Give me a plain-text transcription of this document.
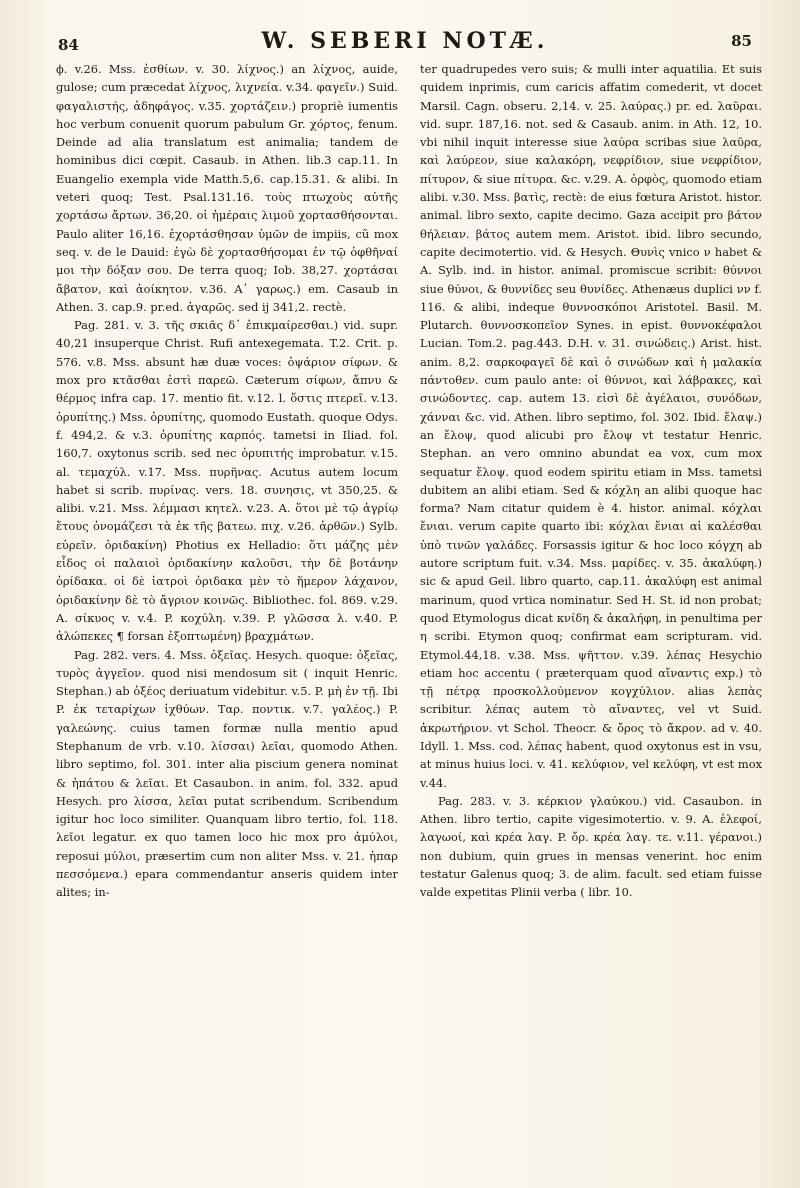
84	W. SEBERI NOTÆ.	85

ϕ. v.26. Mss. ἐσθίων. v. 30. λίχνος.) an λίχνος, auide, gulose; cum præcedat λίχνος, λιχνεία. v.34. φαγεῖν.) Suid. φαγαλιστής, ἀδηφάγος. v.35. χορτάζειν.) propriè iumentis hoc verbum conuenit quorum pabulum Gr. χόρτος, fenum. Deinde ad alia translatum est animalia; tandem de hominibus dici cœpit. Casaub. in Athen. lib.3 cap.11. In Euangelio exempla vide Matth.5,6. cap.15.31. & alibi. In veteri quoq; Test. Psal.131.16. τοὺς πτωχοὺς αὐτῆς χορτάσω ἄρτων. 36,20. οἱ ἡμέραις λιμοῦ χορτασθήσονται. Paulo aliter 16,16. ἐχορτάσθησαν ὑμῶν de impiis, cũ mox seq. v. de le Dauid: ἐγὼ δὲ χορτασθήσομαι ἐν τῷ ὀφθῆναί μοι τὴν δόξαν σου. De terra quoq; Iob. 38,27. χορτάσαι ἄβατον, καὶ ἀοίκητον. v.36. Α᾽ γαρως.) em. Casaub in Athen. 3. cap.9. pr.ed. ἀγαρῶς. sed ij 341,2. rectè.

Pag. 281. v. 3. τῆς σκιᾶς δ᾽ ἐπικμαίρεσθαι.) vid. supr. 40,21 insuperque Christ. Rufi antexegemata. T.2. Crit. p. 576. v.8. Mss. absunt hæ duæ voces: ὀψάριον σίφων. & mox pro κτᾶσθαι ἐστὶ παρεῶ. Cæterum σίφων, ἄπνυ & θέρμος infra cap. 17. mentio fit. v.12. l. ὅστις πτερεῖ. v.13. ὀρυπίτης.) Mss. ὀρυπίτης, quomodo Eustath. quoque Odys. f. 494,2. & v.3. ὀρυπίτης καρπός. tametsi in Iliad. fol. 160,7. oxytonus scrib. sed nec ὀρυπιτής improbatur. v.15. al. τεμαχύλ. v.17. Mss. πυρῆνας. Acutus autem locum habet si scrib. πυρίνας. vers. 18. συνησις, vt 350,25. & alibi. v.21. Mss. λέμμασι κητελ. v.23. A. ὅτοι μὲ τῷ ἀγρίῳ ἔτους ὀνομάζεσι τὰ ἐκ τῆς βατεω. πιχ. v.26. ἀρθῶν.) Sylb. εὐρεῖν. ὀριδακίνη) Photius ex Helladio: ὅτι μάζης μὲν εἶδος οἱ παλαιοὶ ὀριδακίνην καλοῦσι, τὴν δὲ βοτάνην ὀρίδακα. οἱ δὲ ἰατροὶ ὀριδακα μὲν τὸ ἥμερον λάχανον, ὀριδακίνην δὲ τὸ ἄγριον κοινῶς. Bibliothec. fol. 869. v.29. A. σίκυος v. v.4. P. κοχύλη. v.39. P. γλῶσσα λ. v.40. P. ἀλώπεκες ¶ forsan ἐξοπτωμένη) βραχμάτων.

Pag. 282. vers. 4. Mss. ὀξεῖας. Hesych. quoque: ὀξεῖας, τυρὸς ἀγγεῖον. quod nisi mendosum sit ( inquit Henric. Stephan.) ab ὀξέος deriuatum videbitur. v.5. P. μὴ ἐν τῇ. Ibi P. ἐκ τεταρίχων ἰχθύων. Ταρ. ποντικ. v.7. γαλέος.) P. γαλεώνης. cuius tamen formæ nulla mentio apud Stephanum de vrb. v.10. λίσσαι) λεῖαι, quomodo Athen. libro septimo, fol. 301. inter alia piscium genera nominat & ἡπάτου & λεῖαι. Et Casaubon. in anim. fol. 332. apud Hesych. pro λίσσα, λεῖαι putat scribendum. Scribendum igitur hoc loco similiter. Quanquam libro tertio, fol. 118. λεῖοι legatur. ex quo tamen loco hic mox pro ἀμύλοι, reposui μύλοι, præsertim cum non aliter Mss. v. 21. ἠπαρ πεσσόμενα.) epara commendantur anseris quidem inter alites; in-

ter quadrupedes vero suis; & mulli inter aquatilia. Et suis quidem inprimis, cum caricis affatim comederit, vt docet Marsil. Cagn. obseru. 2,14. v. 25. λαύρας.) pr. ed. λαῦραι. vid. supr. 187,16. not. sed & Casaub. anim. in Ath. 12, 10. vbi nihil inquit interesse siue λαύρα scribas siue λαῦρα, καὶ λαύρεον, siue καλακόρη, νεφρίδιον, siue νεφρίδιον, πίτυρον, & siue πίτυρα. &c. v.29. A. ὀρφὸς, quomodo etiam alibi. v.30. Mss. βατὶς, rectè: de eius fœtura Aristot. histor. animal. libro sexto, capite decimo. Gaza accipit pro βάτον θήλειαν. βάτος autem mem. Aristot. ibid. libro secundo, capite decimotertio. vid. & Hesych. Θυνὶς vnico ν habet & A. Sylb. ind. in histor. animal. promiscue scribit: θύννοι siue θύνοι, & θυννίδες seu θυνίδες. Athenæus duplici νν f. 116. & alibi, indeque θυννοσκόποι Aristotel. Basil. M. Plutarch. θυννοσκοπεῖον Synes. in epist. θυννοκέφαλοι Lucian. Tom.2. pag.443. D.H. v. 31. σινώδεις.) Arist. hist. anim. 8,2. σαρκοφαγεῖ δὲ καὶ ὁ σινώδων καὶ ἡ μαλακία πάντοθεν. cum paulo ante: οἱ θύννοι, καὶ λάβρακες, καὶ σινώδοντες. cap. autem 13. εἰσὶ δὲ ἀγέλαιοι, συνόδων, χάνναι &c. vid. Athen. libro septimo, fol. 302. Ibid. ἔλαψ.) an ἔλοψ, quod alicubi pro ἔλοψ vt testatur Henric. Stephan. an vero omnino abundat ea vox, cum mox sequatur ἔλοψ. quod eodem spiritu etiam in Mss. tametsi dubitem an alibi etiam. Sed & κόχλη an alibi quoque hac forma? Nam citatur quidem è 4. histor. animal. κόχλαι ἔνιαι. verum capite quarto ibi: κόχλαι ἔνιαι αἱ καλέσθαι ὑπὸ τινῶν γαλάδες. Forsassis igitur & hoc loco κόγχη ab autore scriptum fuit. v.34. Mss. μαρίδες. v. 35. ἀκαλύφη.) sic & apud Geil. libro quarto, cap.11. ἀκαλύφη est animal marinum, quod vrtica nominatur. Sed H. St. id non probat; quod Etymologus dicat κνίδη & ἀκαλήφη, in penultima per η scribi. Etymon quoq; confirmat eam scripturam. vid. Etymol.44,18. v.38. Mss. ψῆττον. v.39. λέπας Hesychio etiam hoc accentu ( præterquam quod αἴναντις exp.) τὸ τῇ πέτρᾳ προσκολλούμενον κογχύλιον. alias λεπὰς scribitur. λέπας autem τὸ αἴναντες, vel vt Suid. ἀκρωτήριον. vt Schol. Theocr. & ὄρος τὸ ἄκρον. ad v. 40. Idyll. 1. Mss. cod. λέπας habent, quod oxytonus est in vsu, at minus huius loci. v. 41. κελύφιον, vel κελύφη, vt est mox v.44.

Pag. 283. v. 3. κέρκιον γλαύκου.) vid. Casaubon. in Athen. libro tertio, capite vigesimotertio. v. 9. A. ἐλεφοί, λαγωοί, καὶ κρέα λαγ. P. ὄρ. κρέα λαγ. τε. v.11. γέρανοι.) non dubium, quin grues in mensas venerint. hoc enim testatur Galenus quoq; 3. de alim. facult. sed etiam fuisse valde expetitas Plinii verba ( libr. 10.
